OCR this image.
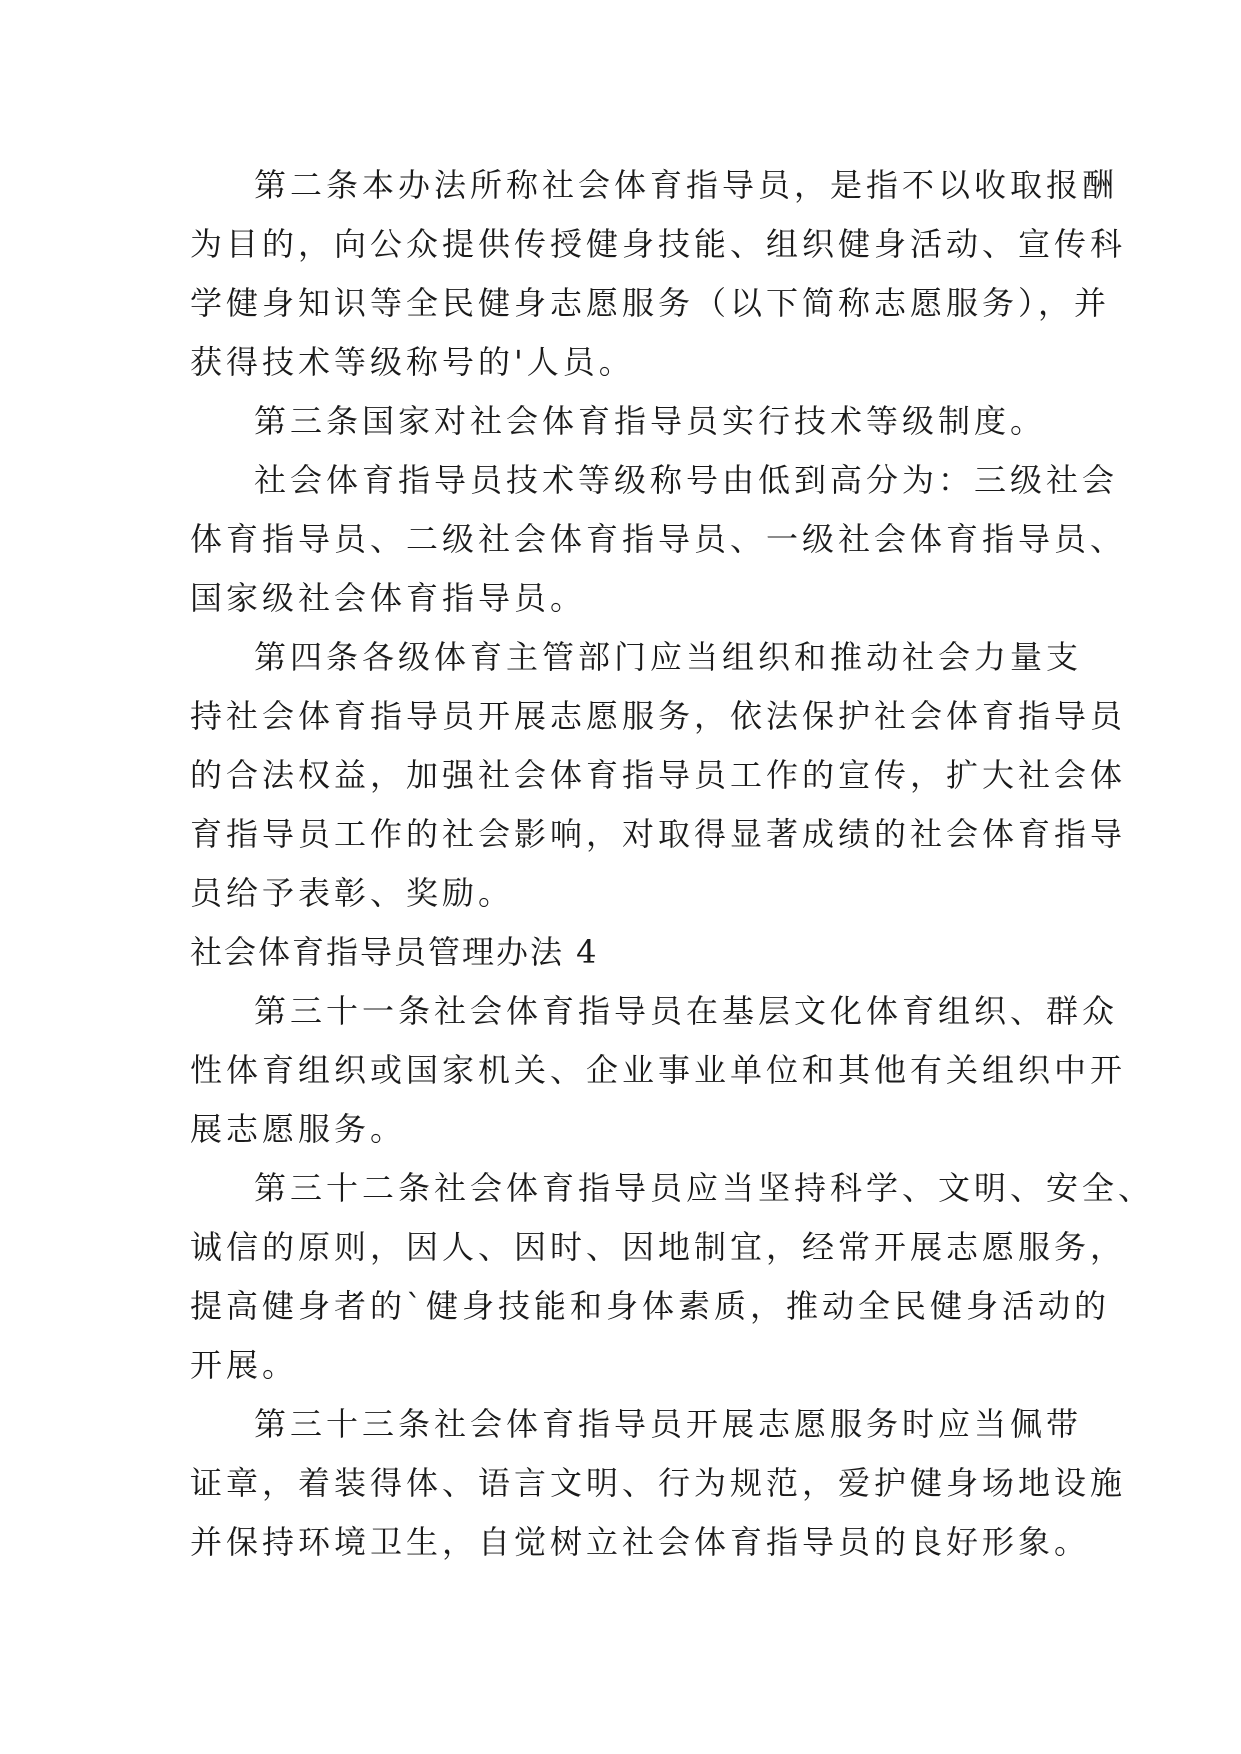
第二条本办法所称社会体育指导员，是指不以收取报酬
为目的，向公众提供传授健身技能、组织健身活动、宣传科
学健身知识等全民健身志愿服务（以下简称志愿服务），并
获得技术等级称号的'人员。
第三条国家对社会体育指导员实行技术等级制度。
社会体育指导员技术等级称号由低到高分为：三级社会
体育指导员、二级社会体育指导员、一级社会体育指导员、
国家级社会体育指导员。
第四条各级体育主管部门应当组织和推动社会力量支
持社会体育指导员开展志愿服务，依法保护社会体育指导员
的合法权益，加强社会体育指导员工作的宣传，扩大社会体
育指导员工作的社会影响，对取得显著成绩的社会体育指导
员给予表彰、奖励。
社会体育指导员管理办法 4
第三十一条社会体育指导员在基层文化体育组织、群众
性体育组织或国家机关、企业事业单位和其他有关组织中开
展志愿服务。
第三十二条社会体育指导员应当坚持科学、文明、安全、
诚信的原则，因人、因时、因地制宜，经常开展志愿服务，
提高健身者的`健身技能和身体素质，推动全民健身活动的
开展。
第三十三条社会体育指导员开展志愿服务时应当佩带
证章，着装得体、语言文明、行为规范，爱护健身场地设施
并保持环境卫生，自觉树立社会体育指导员的良好形象。
